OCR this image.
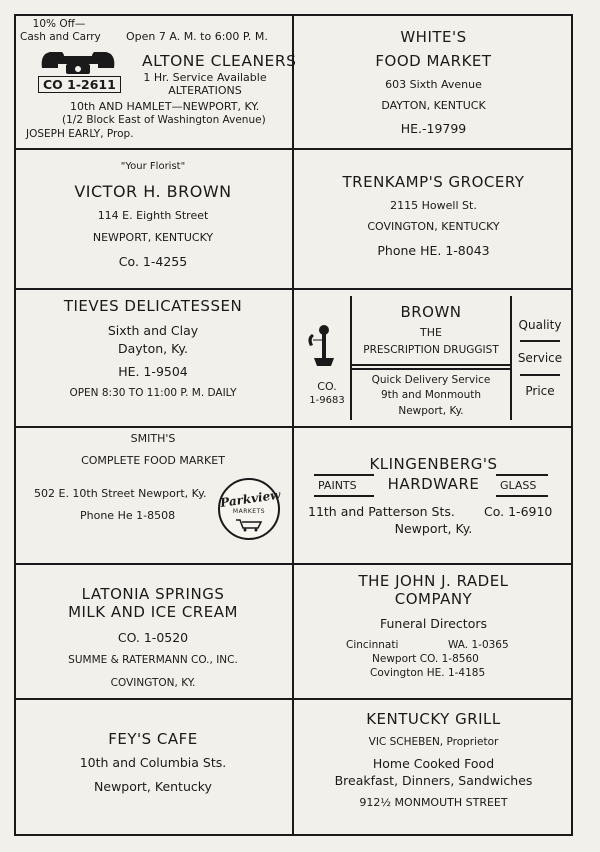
10% Off—
Cash and Carry Open 7 A. M. to 6:00 P. M.
CO 1-2611
ALTONE CLEANERS
1 Hr. Service Available
ALTERATIONS
10th AND HAMLET—NEWPORT, KY.
(1/2 Block East of Washington Avenue)
JOSEPH EARLY, Prop.
WHITE'S
FOOD MARKET
603 Sixth Avenue
DAYTON, KENTUCK
HE.-19799
"Your Florist"
VICTOR H. BROWN
114 E. Eighth Street
NEWPORT, KENTUCKY
Co. 1-4255
TRENKAMP'S GROCERY
2115 Howell St.
COVINGTON, KENTUCKY
Phone HE. 1-8043
TIEVES DELICATESSEN
Sixth and Clay
Dayton, Ky.
HE. 1-9504
OPEN 8:30 TO 11:00 P. M. DAILY	CO.
1-9683
BROWN
THE
PRESCRIPTION DRUGGIST
Quick Delivery Service
9th and Monmouth
Newport, Ky.
Quality
Service
Price
SMITH'S
COMPLETE FOOD MARKET
502 E. 10th Street Newport, Ky.
Phone He 1-8508
Parkview
MARKETS
KLINGENBERG'S
HARDWARE
PAINTS	GLASS
11th and Patterson Sts. Co. 1-6910
Newport, Ky.
LATONIA SPRINGS
MILK AND ICE CREAM
CO. 1-0520
SUMME & RATERMANN CO., INC.
COVINGTON, KY.
THE JOHN J. RADEL
COMPANY
Funeral Directors
Cincinnati	WA. 1-0365
Newport CO. 1-8560
Covington HE. 1-4185
FEY'S CAFE
10th and Columbia Sts.
Newport, Kentucky
KENTUCKY GRILL
VIC SCHEBEN, Proprietor
Home Cooked Food
Breakfast, Dinners, Sandwiches
912½ MONMOUTH STREET
